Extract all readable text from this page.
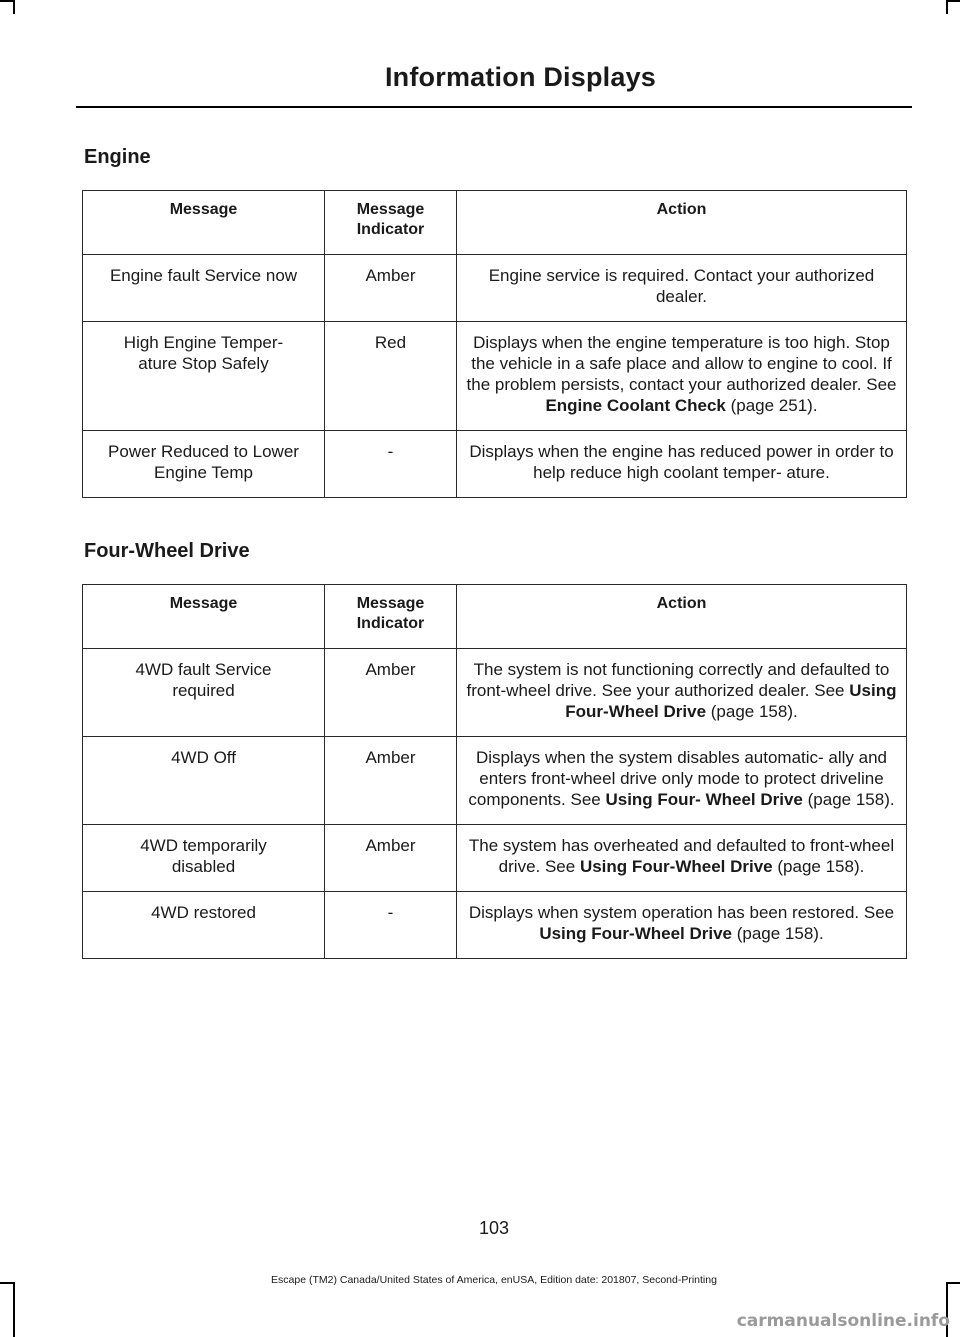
Information Displays
Engine
Message	Message Indicator	Action
Engine fault Service now	Amber	Engine service is required. Contact your authorized dealer.
High Engine Temper- ature Stop Safely	Red	Displays when the engine temperature is too high. Stop the vehicle in a safe place and allow to engine to cool. If the problem persists, contact your authorized dealer. See Engine Coolant Check (page 251).
Power Reduced to Lower Engine Temp	-	Displays when the engine has reduced power in order to help reduce high coolant temper- ature.
Four-Wheel Drive
Message	Message Indicator	Action
4WD fault Service required	Amber	The system is not functioning correctly and defaulted to front-wheel drive. See your authorized dealer. See Using Four-Wheel Drive (page 158).
4WD Off	Amber	Displays when the system disables automatic- ally and enters front-wheel drive only mode to protect driveline components. See Using Four- Wheel Drive (page 158).
4WD temporarily disabled	Amber	The system has overheated and defaulted to front-wheel drive. See Using Four-Wheel Drive (page 158).
4WD restored	-	Displays when system operation has been restored. See Using Four-Wheel Drive (page 158).
103
Escape (TM2) Canada/United States of America, enUSA, Edition date: 201807, Second-Printing
carmanualsonline.info
